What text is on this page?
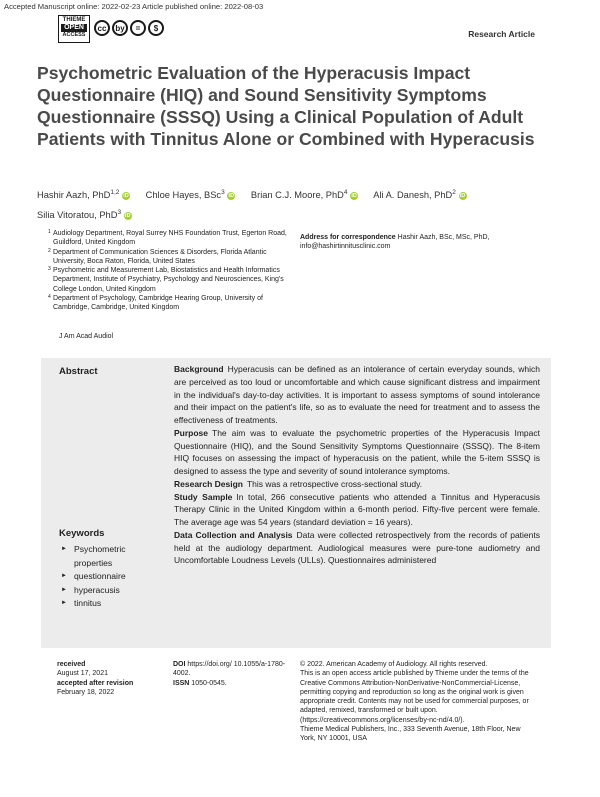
Accepted Manuscript online: 2022-02-23 Article published online: 2022-08-03
THIEME
OPEN
ACCESS
cc	by	=	$
Research Article
Psychometric Evaluation of the Hyperacusis Impact Questionnaire (HIQ) and Sound Sensitivity Symptoms Questionnaire (SSSQ) Using a Clinical Population of Adult Patients with Tinnitus Alone or Combined with Hyperacusis
Hashir Aazh, PhD$^{1,2}$ iD Chloe Hayes, BSc$^3$ iD Brian C.J. Moore, PhD$^4$ iD Ali A. Danesh, PhD$^2$ iD
Silia Vitoratou, PhD$^3$ iD
1 Audiology Department, Royal Surrey NHS Foundation Trust, Egerton Road, Guildford, United Kingdom
2 Department of Communication Sciences & Disorders, Florida Atlantic University, Boca Raton, Florida, United States
3 Psychometric and Measurement Lab, Biostatistics and Health Informatics Department, Institute of Psychiatry, Psychology and Neurosciences, King's College London, United Kingdom
4 Department of Psychology, Cambridge Hearing Group, University of Cambridge, Cambridge, United Kingdom
Address for correspondence Hashir Aazh, BSc, MSc, PhD, info@hashirtinnitusclinic.com
J Am Acad Audiol
Abstract	Background Hyperacusis can be defined as an intolerance of certain everyday sounds, which are perceived as too loud or uncomfortable and which cause significant distress and impairment in the individual's day-to-day activities. It is important to assess symptoms of sound intolerance and their impact on the patient's life, so as to evaluate the need for treatment and to assess the effectiveness of treatments.

Purpose The aim was to evaluate the psychometric properties of the Hyperacusis Impact Questionnaire (HIQ), and the Sound Sensitivity Symptoms Questionnaire (SSSQ). The 8-item HIQ focuses on assessing the impact of hyperacusis on the patient, while the 5-item SSSQ is designed to assess the type and severity of sound intolerance symptoms.

Research Design This was a retrospective cross-sectional study.

Study Sample In total, 266 consecutive patients who attended a Tinnitus and Hyperacusis Therapy Clinic in the United Kingdom within a 6-month period. Fifty-five percent were female. The average age was 54 years (standard deviation = 16 years).

Data Collection and Analysis Data were collected retrospectively from the records of patients held at the audiology department. Audiological measures were pure-tone audiometry and Uncomfortable Loudness Levels (ULLs). Questionnaires administered

Keywords
► Psychometric properties
► questionnaire
► hyperacusis
► tinnitus
received
August 17, 2021
accepted after revision
February 18, 2022
DOI https://doi.org/ 10.1055/a-1780-4002.
ISSN 1050-0545.
© 2022. American Academy of Audiology. All rights reserved.
This is an open access article published by Thieme under the terms of the Creative Commons Attribution-NonDerivative-NonCommercial-License, permitting copying and reproduction so long as the original work is given appropriate credit. Contents may not be used for commercial purposes, or adapted, remixed, transformed or built upon. (https://creativecommons.org/licenses/by-nc-nd/4.0/).
Thieme Medical Publishers, Inc., 333 Seventh Avenue, 18th Floor, New York, NY 10001, USA
